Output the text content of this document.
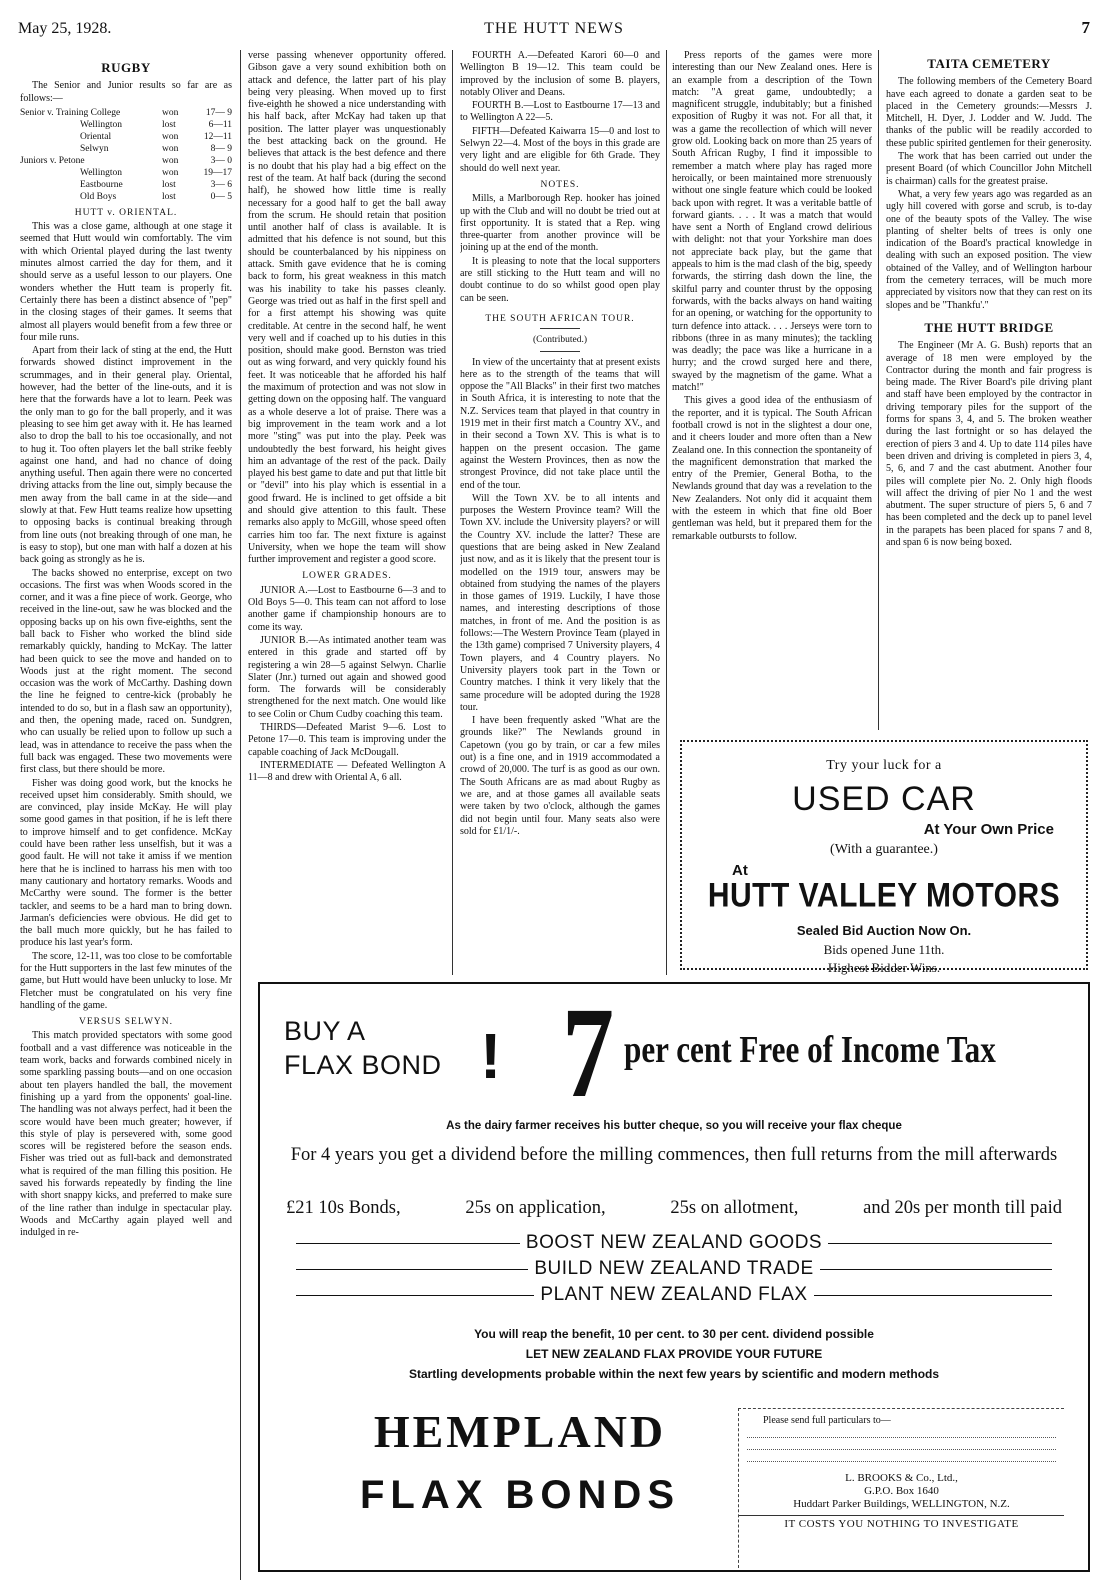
May 25, 1928.	THE HUTT NEWS	7
RUGBY

The Senior and Junior results so far are as follows:—

Senior v. Training College	won	17— 9
Wellington	lost	6—11
Oriental	won	12—11
Selwyn	won	8— 9
Juniors v. Petone	won	3— 0
Wellington	won	19—17
Eastbourne	lost	3— 6
Old Boys	lost	0— 5
HUTT v. ORIENTAL.

This was a close game, although at one stage it seemed that Hutt would win comfortably. The vim with which Oriental played during the last twenty minutes almost carried the day for them, and it should serve as a useful lesson to our players. One wonders whether the Hutt team is properly fit. Certainly there has been a distinct absence of "pep" in the closing stages of their games. It seems that almost all players would benefit from a few three or four mile runs.

Apart from their lack of sting at the end, the Hutt forwards showed distinct improvement in the scrummages, and in their general play. Oriental, however, had the better of the line-outs, and it is here that the forwards have a lot to learn. Peek was the only man to go for the ball properly, and it was pleasing to see him get away with it. He has learned also to drop the ball to his toe occasionally, and not to hug it. Too often players let the ball strike feebly against one hand, and had no chance of doing anything useful. Then again there were no concerted driving attacks from the line out, simply because the men away from the ball came in at the side—and slowly at that. Few Hutt teams realize how upsetting to opposing backs is continual breaking through from line outs (not breaking through of one man, he is easy to stop), but one man with half a dozen at his back going as strongly as he is.

The backs showed no enterprise, except on two occasions. The first was when Woods scored in the corner, and it was a fine piece of work. George, who received in the line-out, saw he was blocked and the opposing backs up on his own five-eighths, sent the ball back to Fisher who worked the blind side remarkably quickly, handing to McKay. The latter had been quick to see the move and handed on to Woods just at the right moment. The second occasion was the work of McCarthy. Dashing down the line he feigned to centre-kick (probably he intended to do so, but in a flash saw an opportunity), and then, the opening made, raced on. Sundgren, who can usually be relied upon to follow up such a lead, was in attendance to receive the pass when the full back was engaged. These two movements were first class, but there should be more.

Fisher was doing good work, but the knocks he received upset him considerably. Smith should, we are convinced, play inside McKay. He will play some good games in that position, if he is left there to improve himself and to get confidence. McKay could have been rather less unselfish, but it was a good fault. He will not take it amiss if we mention here that he is inclined to harrass his men with too many cautionary and hortatory remarks. Woods and McCarthy were sound. The former is the better tackler, and seems to be a hard man to bring down. Jarman's deficiencies were obvious. He did get to the ball much more quickly, but he has failed to produce his last year's form.

The score, 12-11, was too close to be comfortable for the Hutt supporters in the last few minutes of the game, but Hutt would have been unlucky to lose. Mr Fletcher must be congratulated on his very fine handling of the game.

VERSUS SELWYN.

This match provided spectators with some good football and a vast difference was noticeable in the team work, backs and forwards combined nicely in some sparkling passing bouts—and on one occasion about ten players handled the ball, the movement finishing up a yard from the opponents' goal-line. The handling was not always perfect, had it been the score would have been much greater; however, if this style of play is persevered with, some good scores will be registered before the season ends. Fisher was tried out as full-back and demonstrated what is required of the man filling this position. He saved his forwards repeatedly by finding the line with short snappy kicks, and preferred to make sure of the line rather than indulge in spectacular play. Woods and McCarthy again played well and indulged in re-

verse passing whenever opportunity offered. Gibson gave a very sound exhibition both on attack and defence, the latter part of his play being very pleasing. When moved up to first five-eighth he showed a nice understanding with his half back, after McKay had taken up that position. The latter player was unquestionably the best attacking back on the ground. He believes that attack is the best defence and there is no doubt that his play had a big effect on the rest of the team. At half back (during the second half), he showed how little time is really necessary for a good half to get the ball away from the scrum. He should retain that position until another half of class is available. It is admitted that his defence is not sound, but this should be counterbalanced by his nippiness on attack. Smith gave evidence that he is coming back to form, his great weakness in this match was his inability to take his passes cleanly. George was tried out as half in the first spell and for a first attempt his showing was quite creditable. At centre in the second half, he went very well and if coached up to his duties in this position, should make good. Bernston was tried out as wing forward, and very quickly found his feet. It was noticeable that he afforded his half the maximum of protection and was not slow in getting down on the opposing half. The vanguard as a whole deserve a lot of praise. There was a big improvement in the team work and a lot more "sting" was put into the play. Peek was undoubtedly the best forward, his height gives him an advantage of the rest of the pack. Daily played his best game to date and put that little bit or "devil" into his play which is essential in a good frward. He is inclined to get offside a bit and should give attention to this fault. These remarks also apply to McGill, whose speed often carries him too far. The next fixture is against University, when we hope the team will show further improvement and register a good score.

LOWER GRADES.

JUNIOR A.—Lost to Eastbourne 6—3 and to Old Boys 5—0. This team can not afford to lose another game if championship honours are to come its way.

JUNIOR B.—As intimated another team was entered in this grade and started off by registering a win 28—5 against Selwyn. Charlie Slater (Jnr.) turned out again and showed good form. The forwards will be considerably strengthened for the next match. One would like to see Colin or Chum Cudby coaching this team.

THIRDS—Defeated Marist 9—6. Lost to Petone 17—0. This team is improving under the capable coaching of Jack McDougall.

INTERMEDIATE — Defeated Wellington A 11—8 and drew with Oriental A, 6 all.

FOURTH A.—Defeated Karori 60—0 and Wellington B 19—12. This team could be improved by the inclusion of some B. players, notably Oliver and Deans.

FOURTH B.—Lost to Eastbourne 17—13 and to Wellington A 22—5.

FIFTH—Defeated Kaiwarra 15—0 and lost to Selwyn 22—4. Most of the boys in this grade are very light and are eligible for 6th Grade. They should do well next year.

NOTES.

Mills, a Marlborough Rep. hooker has joined up with the Club and will no doubt be tried out at first opportunity. It is stated that a Rep. wing three-quarter from another province will be joining up at the end of the month.

It is pleasing to note that the local supporters are still sticking to the Hutt team and will no doubt continue to do so whilst good open play can be seen.

THE SOUTH AFRICAN TOUR.
(Contributed.)

In view of the uncertainty that at present exists here as to the strength of the teams that will oppose the "All Blacks" in their first two matches in South Africa, it is interesting to note that the N.Z. Services team that played in that country in 1919 met in their first match a Country XV., and in their second a Town XV. This is what is to happen on the present occasion. The game against the Western Provinces, then as now the strongest Province, did not take place until the end of the tour.

Will the Town XV. be to all intents and purposes the Western Province team? Will the Town XV. include the University players? or will the Country XV. include the latter? These are questions that are being asked in New Zealand just now, and as it is likely that the present tour is modelled on the 1919 tour, answers may be obtained from studying the names of the players in those games of 1919. Luckily, I have those names, and interesting descriptions of those matches, in front of me. And the position is as follows:—The Western Province Team (played in the 13th game) comprised 7 University players, 4 Town players, and 4 Country players. No University players took part in the Town or Country matches. I think it very likely that the same procedure will be adopted during the 1928 tour.

I have been frequently asked "What are the grounds like?" The Newlands ground in Capetown (you go by train, or car a few miles out) is a fine one, and in 1919 accommodated a crowd of 20,000. The turf is as good as our own. The South Africans are as mad about Rugby as we are, and at those games all available seats were taken by two o'clock, although the games did not begin until four. Many seats also were sold for £1/1/-.

Press reports of the games were more interesting than our New Zealand ones. Here is an example from a description of the Town match: "A great game, undoubtedly; a magnificent struggle, indubitably; but a finished exposition of Rugby it was not. For all that, it was a game the recollection of which will never grow old. Looking back on more than 25 years of South African Rugby, I find it impossible to remember a match where play has raged more heroically, or been maintained more strenuously without one single feature which could be looked back upon with regret. It was a veritable battle of forward giants. . . . It was a match that would have sent a North of England crowd delirious with delight: not that your Yorkshire man does not appreciate back play, but the game that appeals to him is the mad clash of the big, speedy forwards, the stirring dash down the line, the skilful parry and counter thrust by the opposing forwards, with the backs always on hand waiting for an opening, or watching for the opportunity to turn defence into attack. . . . Jerseys were torn to ribbons (three in as many minutes); the tackling was deadly; the pace was like a hurricane in a hurry; and the crowd surged here and there, swayed by the magnetism of the game. What a match!"

This gives a good idea of the enthusiasm of the reporter, and it is typical. The South African football crowd is not in the slightest a dour one, and it cheers louder and more often than a New Zealand one. In this connection the spontaneity of the magnificent demonstration that marked the entry of the Premier, General Botha, to the Newlands ground that day was a revelation to the New Zealanders. Not only did it acquaint them with the esteem in which that fine old Boer gentleman was held, but it prepared them for the remarkable outbursts to follow.

TAITA CEMETERY

The following members of the Cemetery Board have each agreed to donate a garden seat to be placed in the Cemetery grounds:—Messrs J. Mitchell, H. Dyer, J. Lodder and W. Judd. The thanks of the public will be readily accorded to these public spirited gentlemen for their generosity.

The work that has been carried out under the present Board (of which Councillor John Mitchell is chairman) calls for the greatest praise.

What, a very few years ago was regarded as an ugly hill covered with gorse and scrub, is to-day one of the beauty spots of the Valley. The wise planting of shelter belts of trees is only one indication of the Board's practical knowledge in dealing with such an exposed position. The view obtained of the Valley, and of Wellington harbour from the cemetery terraces, will be much more appreciated by visitors now that they can rest on its slopes and be "Thankfu'."

THE HUTT BRIDGE

The Engineer (Mr A. G. Bush) reports that an average of 18 men were employed by the Contractor during the month and fair progress is being made. The River Board's pile driving plant and staff have been employed by the contractor in driving temporary piles for the support of the forms for spans 3, 4, and 5. The broken weather during the last fortnight or so has delayed the erection of piers 3 and 4. Up to date 114 piles have been driven and driving is completed in piers 3, 4, 5, 6, and 7 and the cast abutment. Another four piles will complete pier No. 2. Only high floods will affect the driving of pier No 1 and the west abutment. The super structure of piers 5, 6 and 7 has been completed and the deck up to panel level in the parapets has been placed for spans 7 and 8, and span 6 is now being boxed.

Try your luck for a
USED CAR
At Your Own Price
(With a guarantee.)
At
HUTT VALLEY MOTORS
Sealed Bid Auction Now On.
Bids opened June 11th.
Highest Bidder Wins.
BUY A
FLAX BOND ! 7 per cent Free of Income Tax
As the dairy farmer receives his butter cheque, so you will receive your flax cheque
For 4 years you get a dividend before the milling commences, then full returns from the mill afterwards
£21 10s Bonds,	25s on application,	25s on allotment,	and 20s per month till paid
BOOST NEW ZEALAND GOODS
BUILD NEW ZEALAND TRADE
PLANT NEW ZEALAND FLAX
You will reap the benefit, 10 per cent. to 30 per cent. dividend possible
LET NEW ZEALAND FLAX PROVIDE YOUR FUTURE
Startling developments probable within the next few years by scientific and modern methods
HEMPLAND
FLAX BONDS
Please send full particulars to—
L. BROOKS & Co., Ltd.,
G.P.O. Box 1640
Huddart Parker Buildings, WELLINGTON, N.Z.
IT COSTS YOU NOTHING TO INVESTIGATE
